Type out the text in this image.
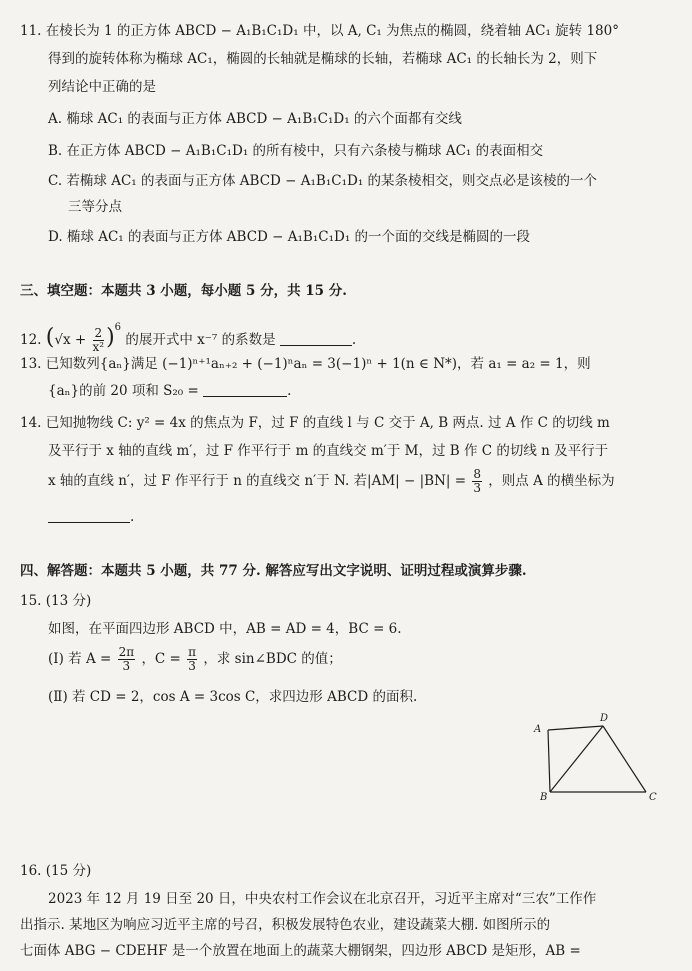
11. 在棱长为 1 的正方体 ABCD − A₁B₁C₁D₁ 中，以 A, C₁ 为焦点的椭圆，绕着轴 AC₁ 旋转 180°
得到的旋转体称为椭球 AC₁，椭圆的长轴就是椭球的长轴，若椭球 AC₁ 的长轴长为 2，则下
列结论中正确的是
A. 椭球 AC₁ 的表面与正方体 ABCD − A₁B₁C₁D₁ 的六个面都有交线
B. 在正方体 ABCD − A₁B₁C₁D₁ 的所有棱中，只有六条棱与椭球 AC₁ 的表面相交
C. 若椭球 AC₁ 的表面与正方体 ABCD − A₁B₁C₁D₁ 的某条棱相交，则交点必是该棱的一个
三等分点
D. 椭球 AC₁ 的表面与正方体 ABCD − A₁B₁C₁D₁ 的一个面的交线是椭圆的一段
三、填空题：本题共 3 小题，每小题 5 分，共 15 分.
12. $(√x + \frac{2}{\text{x²}} )^6$ 的展开式中 x⁻⁷ 的系数是	.
13. 已知数列{aₙ}满足 (−1)ⁿ⁺¹aₙ₊₂ + (−1)ⁿaₙ = 3(−1)ⁿ + 1(n ∈ N*)，若 a₁ = a₂ = 1，则
{aₙ}的前 20 项和 S₂₀ =	.
14. 已知抛物线 C: y² = 4x 的焦点为 F，过 F 的直线 l 与 C 交于 A, B 两点. 过 A 作 C 的切线 m
及平行于 x 轴的直线 m′，过 F 作平行于 m 的直线交 m′于 M，过 B 作 C 的切线 n 及平行于
x 轴的直线 n′，过 F 作平行于 n 的直线交 n′于 N. 若$|AM| - |BN| = \frac{8}{3}$ ，则点 A 的横坐标为
.
四、解答题：本题共 5 小题，共 77 分. 解答应写出文字说明、证明过程或演算步骤.
15. (13 分)
如图，在平面四边形 ABCD 中，AB = AD = 4，BC = 6.
(Ⅰ) 若 $A = \frac{2\pi}{3}$ ，$C = \frac{\pi}{3}$ ，求 sin∠BDC 的值；
(Ⅱ) 若 CD = 2，cos A = 3cos C，求四边形 ABCD 的面积.
A
D
B	C
16. (15 分)
2023 年 12 月 19 日至 20 日，中央农村工作会议在北京召开，习近平主席对“三农”工作作
出指示. 某地区为响应习近平主席的号召，积极发展特色农业，建设蔬菜大棚. 如图所示的
七面体 ABG − CDEHF 是一个放置在地面上的蔬菜大棚钢架，四边形 ABCD 是矩形，AB =
